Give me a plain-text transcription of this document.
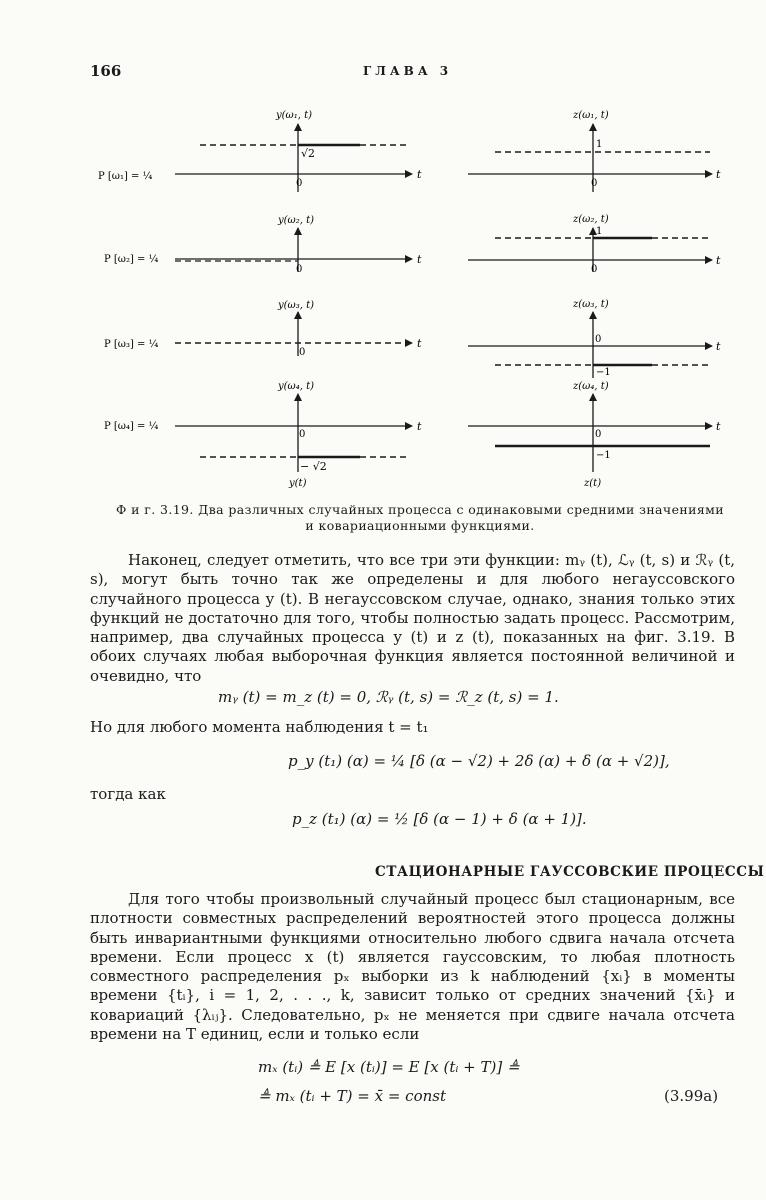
166	ГЛАВА 3
P [ω₁] = ¼
y(ω₁, t)
t
0
√2
z(ω₁, t)
t
0
1
P [ω₂] = ¼
y(ω₂, t)
t
0
z(ω₂, t)
t
0
1
P [ω₃] = ¼
y(ω₃, t)
t
0
z(ω₃, t)
t
0
−1
P [ω₄] = ¼
y(ω₄, t)
t
0
− √2
y(t)
z(ω₄, t)
t
0
−1
z(t)
Ф и г. 3.19. Два различных случайных процесса с одинаковыми средними значениями
и ковариационными функциями.
Наконец, следует отметить, что все три эти функции: mᵧ (t), ℒᵧ (t, s) и ℛᵧ (t, s), могут быть точно так же определены и для любого негауссовского случайного процесса y (t). В негауссовском случае, однако, знания только этих функций не достаточно для того, чтобы полностью задать процесс. Рассмотрим, например, два случайных процесса y (t) и z (t), показанных на фиг. 3.19. В обоих случаях любая выборочная функция является постоянной величиной и очевидно, что
mᵧ (t) = m_z (t) = 0, ℛᵧ (t, s) = ℛ_z (t, s) = 1.
Но для любого момента наблюдения t = t₁
p_y (t₁) (α) = ¼ [δ (α − √2) + 2δ (α) + δ (α + √2)],
тогда как
p_z (t₁) (α) = ½ [δ (α − 1) + δ (α + 1)].
СТАЦИОНАРНЫЕ ГАУССОВСКИЕ ПРОЦЕССЫ
Для того чтобы произвольный случайный процесс был стационарным, все плотности совместных распределений вероятностей этого процесса должны быть инвариантными функциями относительно любого сдвига начала отсчета времени. Если процесс x (t) является гауссовским, то любая плотность совместного распределения pₓ выборки из k наблюдений {xᵢ} в моменты времени {tᵢ}, i = 1, 2, . . ., k, зависит только от средних значений {x̄ᵢ} и ковариаций {λᵢⱼ}. Следовательно, pₓ не меняется при сдвиге начала отсчета времени на T единиц, если и только если
mₓ (tᵢ) ≜ E [x (tᵢ)] = E [x (tᵢ + T)] ≜
≜ mₓ (tᵢ + T) = x̄ = const	(3.99a)
